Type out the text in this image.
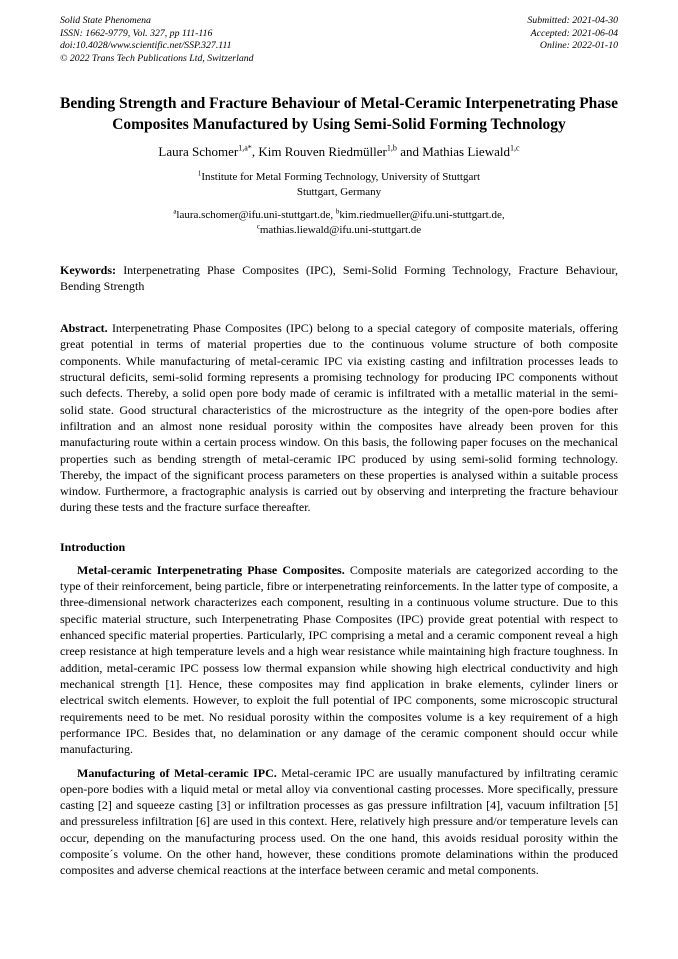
Solid State Phenomena
ISSN: 1662-9779, Vol. 327, pp 111-116
doi:10.4028/www.scientific.net/SSP.327.111
© 2022 Trans Tech Publications Ltd, Switzerland
Submitted: 2021-04-30
Accepted: 2021-06-04
Online: 2022-01-10
Bending Strength and Fracture Behaviour of Metal-Ceramic Interpenetrating Phase Composites Manufactured by Using Semi-Solid Forming Technology
Laura Schomer$^{1,a*}$, Kim Rouven Riedmüller$^{1,b}$ and Mathias Liewald$^{1,c}$
$^1$Institute for Metal Forming Technology, University of Stuttgart
Stuttgart, Germany
$^a$laura.schomer@ifu.uni-stuttgart.de, $^b$kim.riedmueller@ifu.uni-stuttgart.de,
$^c$mathias.liewald@ifu.uni-stuttgart.de
Keywords: Interpenetrating Phase Composites (IPC), Semi-Solid Forming Technology, Fracture Behaviour, Bending Strength
Abstract. Interpenetrating Phase Composites (IPC) belong to a special category of composite materials, offering great potential in terms of material properties due to the continuous volume structure of both composite components. While manufacturing of metal-ceramic IPC via existing casting and infiltration processes leads to structural deficits, semi-solid forming represents a promising technology for producing IPC components without such defects. Thereby, a solid open pore body made of ceramic is infiltrated with a metallic material in the semi-solid state. Good structural characteristics of the microstructure as the integrity of the open-pore bodies after infiltration and an almost none residual porosity within the composites have already been proven for this manufacturing route within a certain process window. On this basis, the following paper focuses on the mechanical properties such as bending strength of metal-ceramic IPC produced by using semi-solid forming technology. Thereby, the impact of the significant process parameters on these properties is analysed within a suitable process window. Furthermore, a fractographic analysis is carried out by observing and interpreting the fracture behaviour during these tests and the fracture surface thereafter.
Introduction
Metal-ceramic Interpenetrating Phase Composites. Composite materials are categorized according to the type of their reinforcement, being particle, fibre or interpenetrating reinforcements. In the latter type of composite, a three-dimensional network characterizes each component, resulting in a continuous volume structure. Due to this specific material structure, such Interpenetrating Phase Composites (IPC) provide great potential with respect to enhanced specific material properties. Particularly, IPC comprising a metal and a ceramic component reveal a high creep resistance at high temperature levels and a high wear resistance while maintaining high fracture toughness. In addition, metal-ceramic IPC possess low thermal expansion while showing high electrical conductivity and high mechanical strength [1]. Hence, these composites may find application in brake elements, cylinder liners or electrical switch elements. However, to exploit the full potential of IPC components, some microscopic structural requirements need to be met. No residual porosity within the composites volume is a key requirement of a high performance IPC. Besides that, no delamination or any damage of the ceramic component should occur while manufacturing.
Manufacturing of Metal-ceramic IPC. Metal-ceramic IPC are usually manufactured by infiltrating ceramic open-pore bodies with a liquid metal or metal alloy via conventional casting processes. More specifically, pressure casting [2] and squeeze casting [3] or infiltration processes as gas pressure infiltration [4], vacuum infiltration [5] and pressureless infiltration [6] are used in this context. Here, relatively high pressure and/or temperature levels can occur, depending on the manufacturing process used. On the one hand, this avoids residual porosity within the composite´s volume. On the other hand, however, these conditions promote delaminations within the produced composites and adverse chemical reactions at the interface between ceramic and metal components.
